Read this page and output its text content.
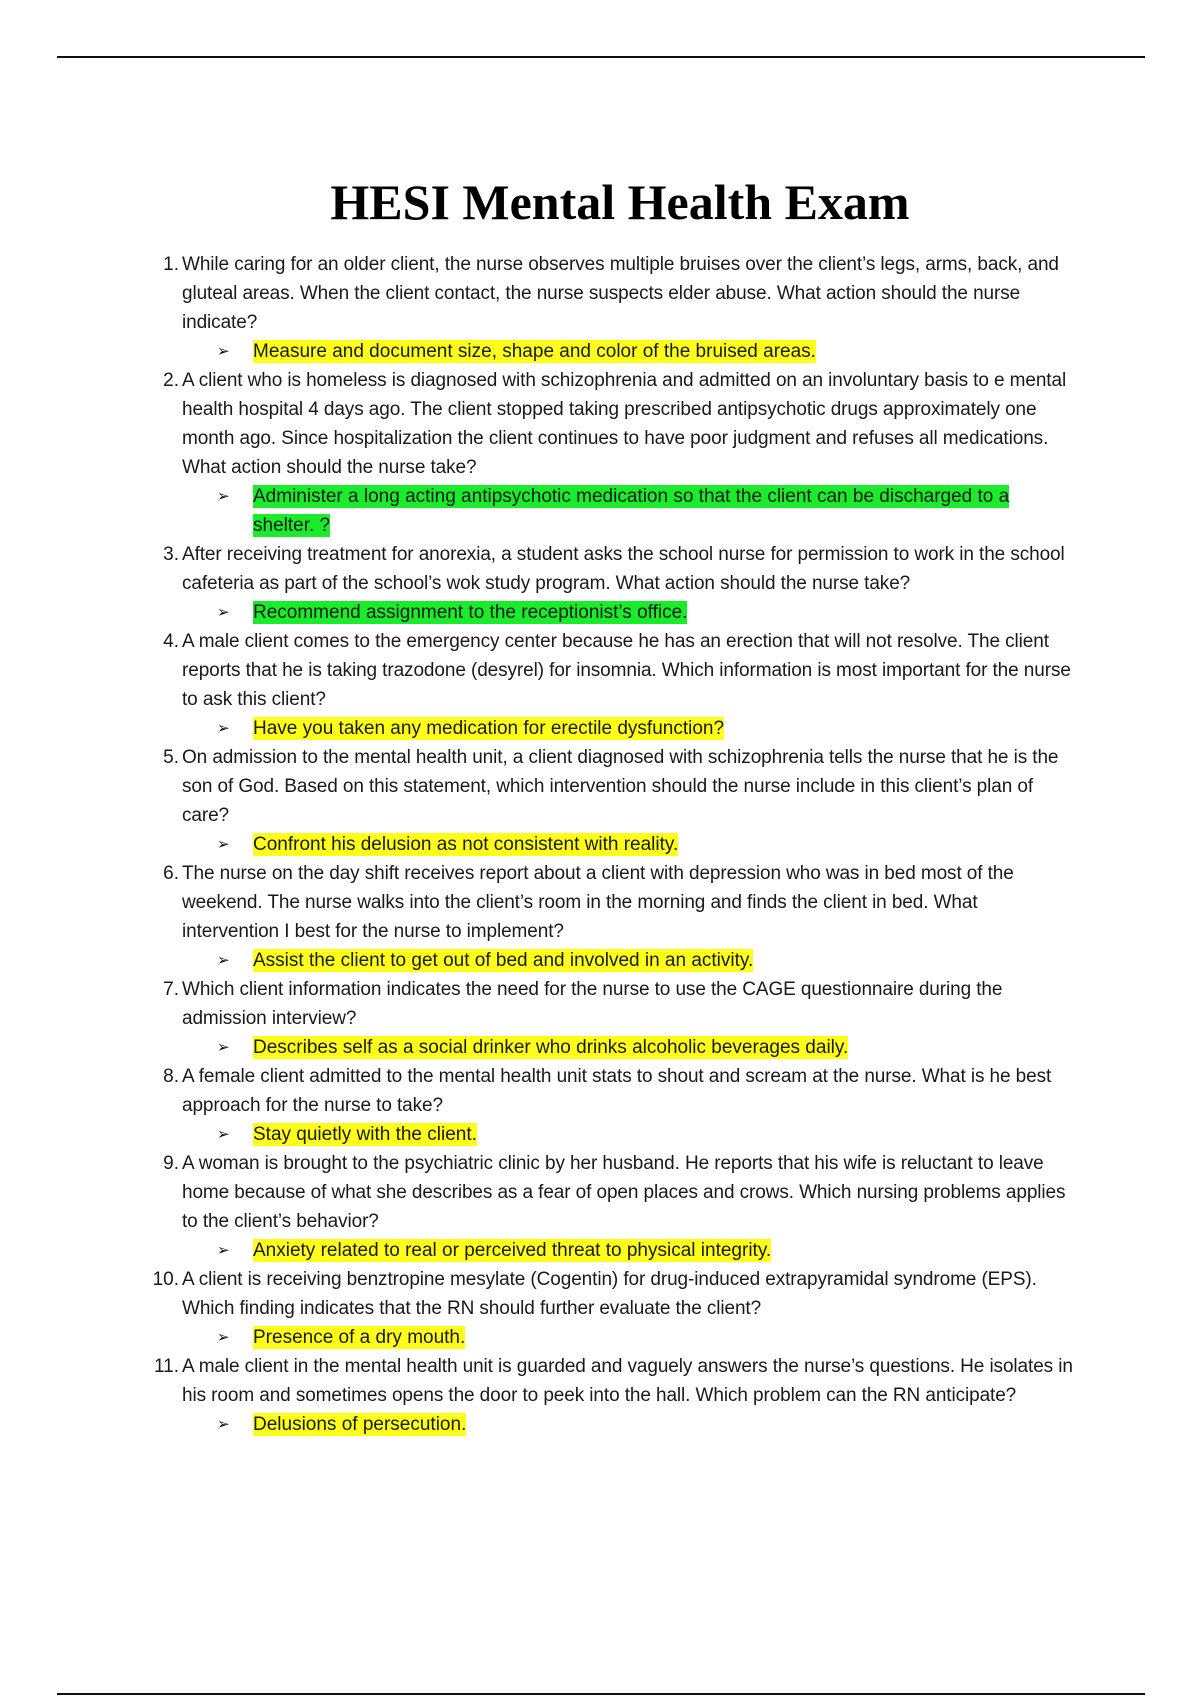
HESI Mental Health Exam
1. While caring for an older client, the nurse observes multiple bruises over the client’s legs, arms, back, and gluteal areas. When the client contact, the nurse suspects elder abuse. What action should the nurse indicate?
➢ Measure and document size, shape and color of the bruised areas.
2. A client who is homeless is diagnosed with schizophrenia and admitted on an involuntary basis to e mental health hospital 4 days ago. The client stopped taking prescribed antipsychotic drugs approximately one month ago. Since hospitalization the client continues to have poor judgment and refuses all medications. What action should the nurse take?
➢ Administer a long acting antipsychotic medication so that the client can be discharged to a shelter. ?
3. After receiving treatment for anorexia, a student asks the school nurse for permission to work in the school cafeteria as part of the school’s wok study program. What action should the nurse take?
➢ Recommend assignment to the receptionist’s office.
4. A male client comes to the emergency center because he has an erection that will not resolve. The client reports that he is taking trazodone (desyrel) for insomnia. Which information is most important for the nurse to ask this client?
➢ Have you taken any medication for erectile dysfunction?
5. On admission to the mental health unit, a client diagnosed with schizophrenia tells the nurse that he is the son of God. Based on this statement, which intervention should the nurse include in this client’s plan of care?
➢ Confront his delusion as not consistent with reality.
6. The nurse on the day shift receives report about a client with depression who was in bed most of the weekend. The nurse walks into the client’s room in the morning and finds the client in bed. What intervention I best for the nurse to implement?
➢ Assist the client to get out of bed and involved in an activity.
7. Which client information indicates the need for the nurse to use the CAGE questionnaire during the admission interview?
➢ Describes self as a social drinker who drinks alcoholic beverages daily.
8. A female client admitted to the mental health unit stats to shout and scream at the nurse. What is he best approach for the nurse to take?
➢ Stay quietly with the client.
9. A woman is brought to the psychiatric clinic by her husband. He reports that his wife is reluctant to leave home because of what she describes as a fear of open places and crows. Which nursing problems applies to the client’s behavior?
➢ Anxiety related to real or perceived threat to physical integrity.
10. A client is receiving benztropine mesylate (Cogentin) for drug-induced extrapyramidal syndrome (EPS). Which finding indicates that the RN should further evaluate the client?
➢ Presence of a dry mouth.
11. A male client in the mental health unit is guarded and vaguely answers the nurse’s questions. He isolates in his room and sometimes opens the door to peek into the hall. Which problem can the RN anticipate?
➢ Delusions of persecution.
